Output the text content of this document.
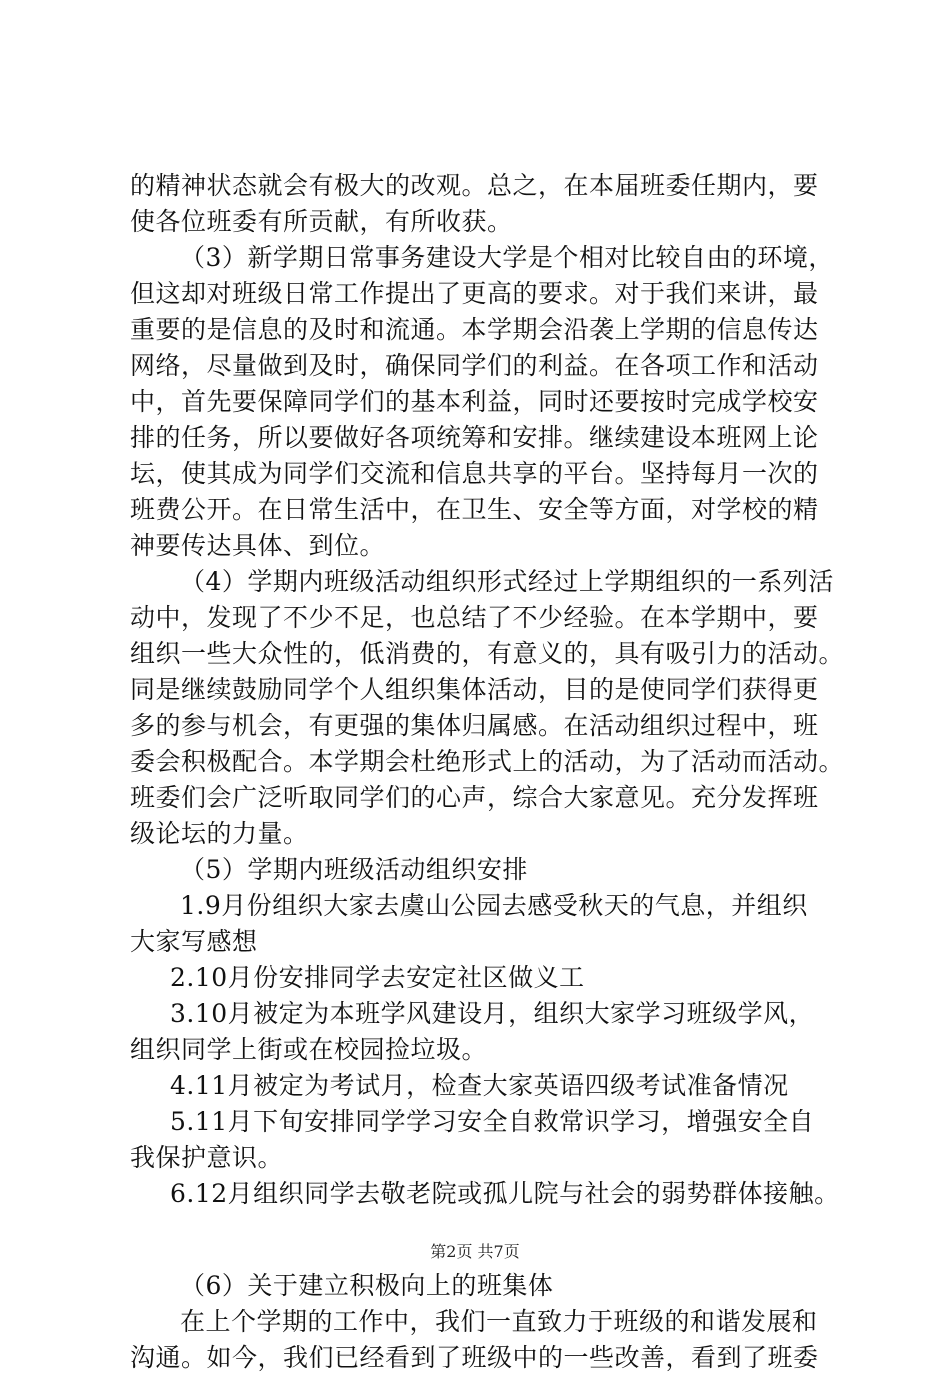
的精神状态就会有极大的改观。总之，在本届班委任期内，要
使各位班委有所贡献，有所收获。
（3）新学期日常事务建设大学是个相对比较自由的环境，
但这却对班级日常工作提出了更高的要求。对于我们来讲，最
重要的是信息的及时和流通。本学期会沿袭上学期的信息传达
网络，尽量做到及时，确保同学们的利益。在各项工作和活动
中，首先要保障同学们的基本利益，同时还要按时完成学校安
排的任务，所以要做好各项统筹和安排。继续建设本班网上论
坛，使其成为同学们交流和信息共享的平台。坚持每月一次的
班费公开。在日常生活中，在卫生、安全等方面，对学校的精
神要传达具体、到位。
（4）学期内班级活动组织形式经过上学期组织的一系列活
动中，发现了不少不足，也总结了不少经验。在本学期中，要
组织一些大众性的，低消费的，有意义的，具有吸引力的活动。
同是继续鼓励同学个人组织集体活动，目的是使同学们获得更
多的参与机会，有更强的集体归属感。在活动组织过程中，班
委会积极配合。本学期会杜绝形式上的活动，为了活动而活动。
班委们会广泛听取同学们的心声，综合大家意见。充分发挥班
级论坛的力量。
（5）学期内班级活动组织安排
1.9月份组织大家去虞山公园去感受秋天的气息，并组织
大家写感想
2.10月份安排同学去安定社区做义工
3.10月被定为本班学风建设月，组织大家学习班级学风，
组织同学上街或在校园捡垃圾。
4.11月被定为考试月，检查大家英语四级考试准备情况
5.11月下旬安排同学学习安全自救常识学习，增强安全自
我保护意识。
6.12月组织同学去敬老院或孤儿院与社会的弱势群体接触。
（6）关于建立积极向上的班集体
在上个学期的工作中，我们一直致力于班级的和谐发展和
沟通。如今，我们已经看到了班级中的一些改善，看到了班委
第2页 共7页
